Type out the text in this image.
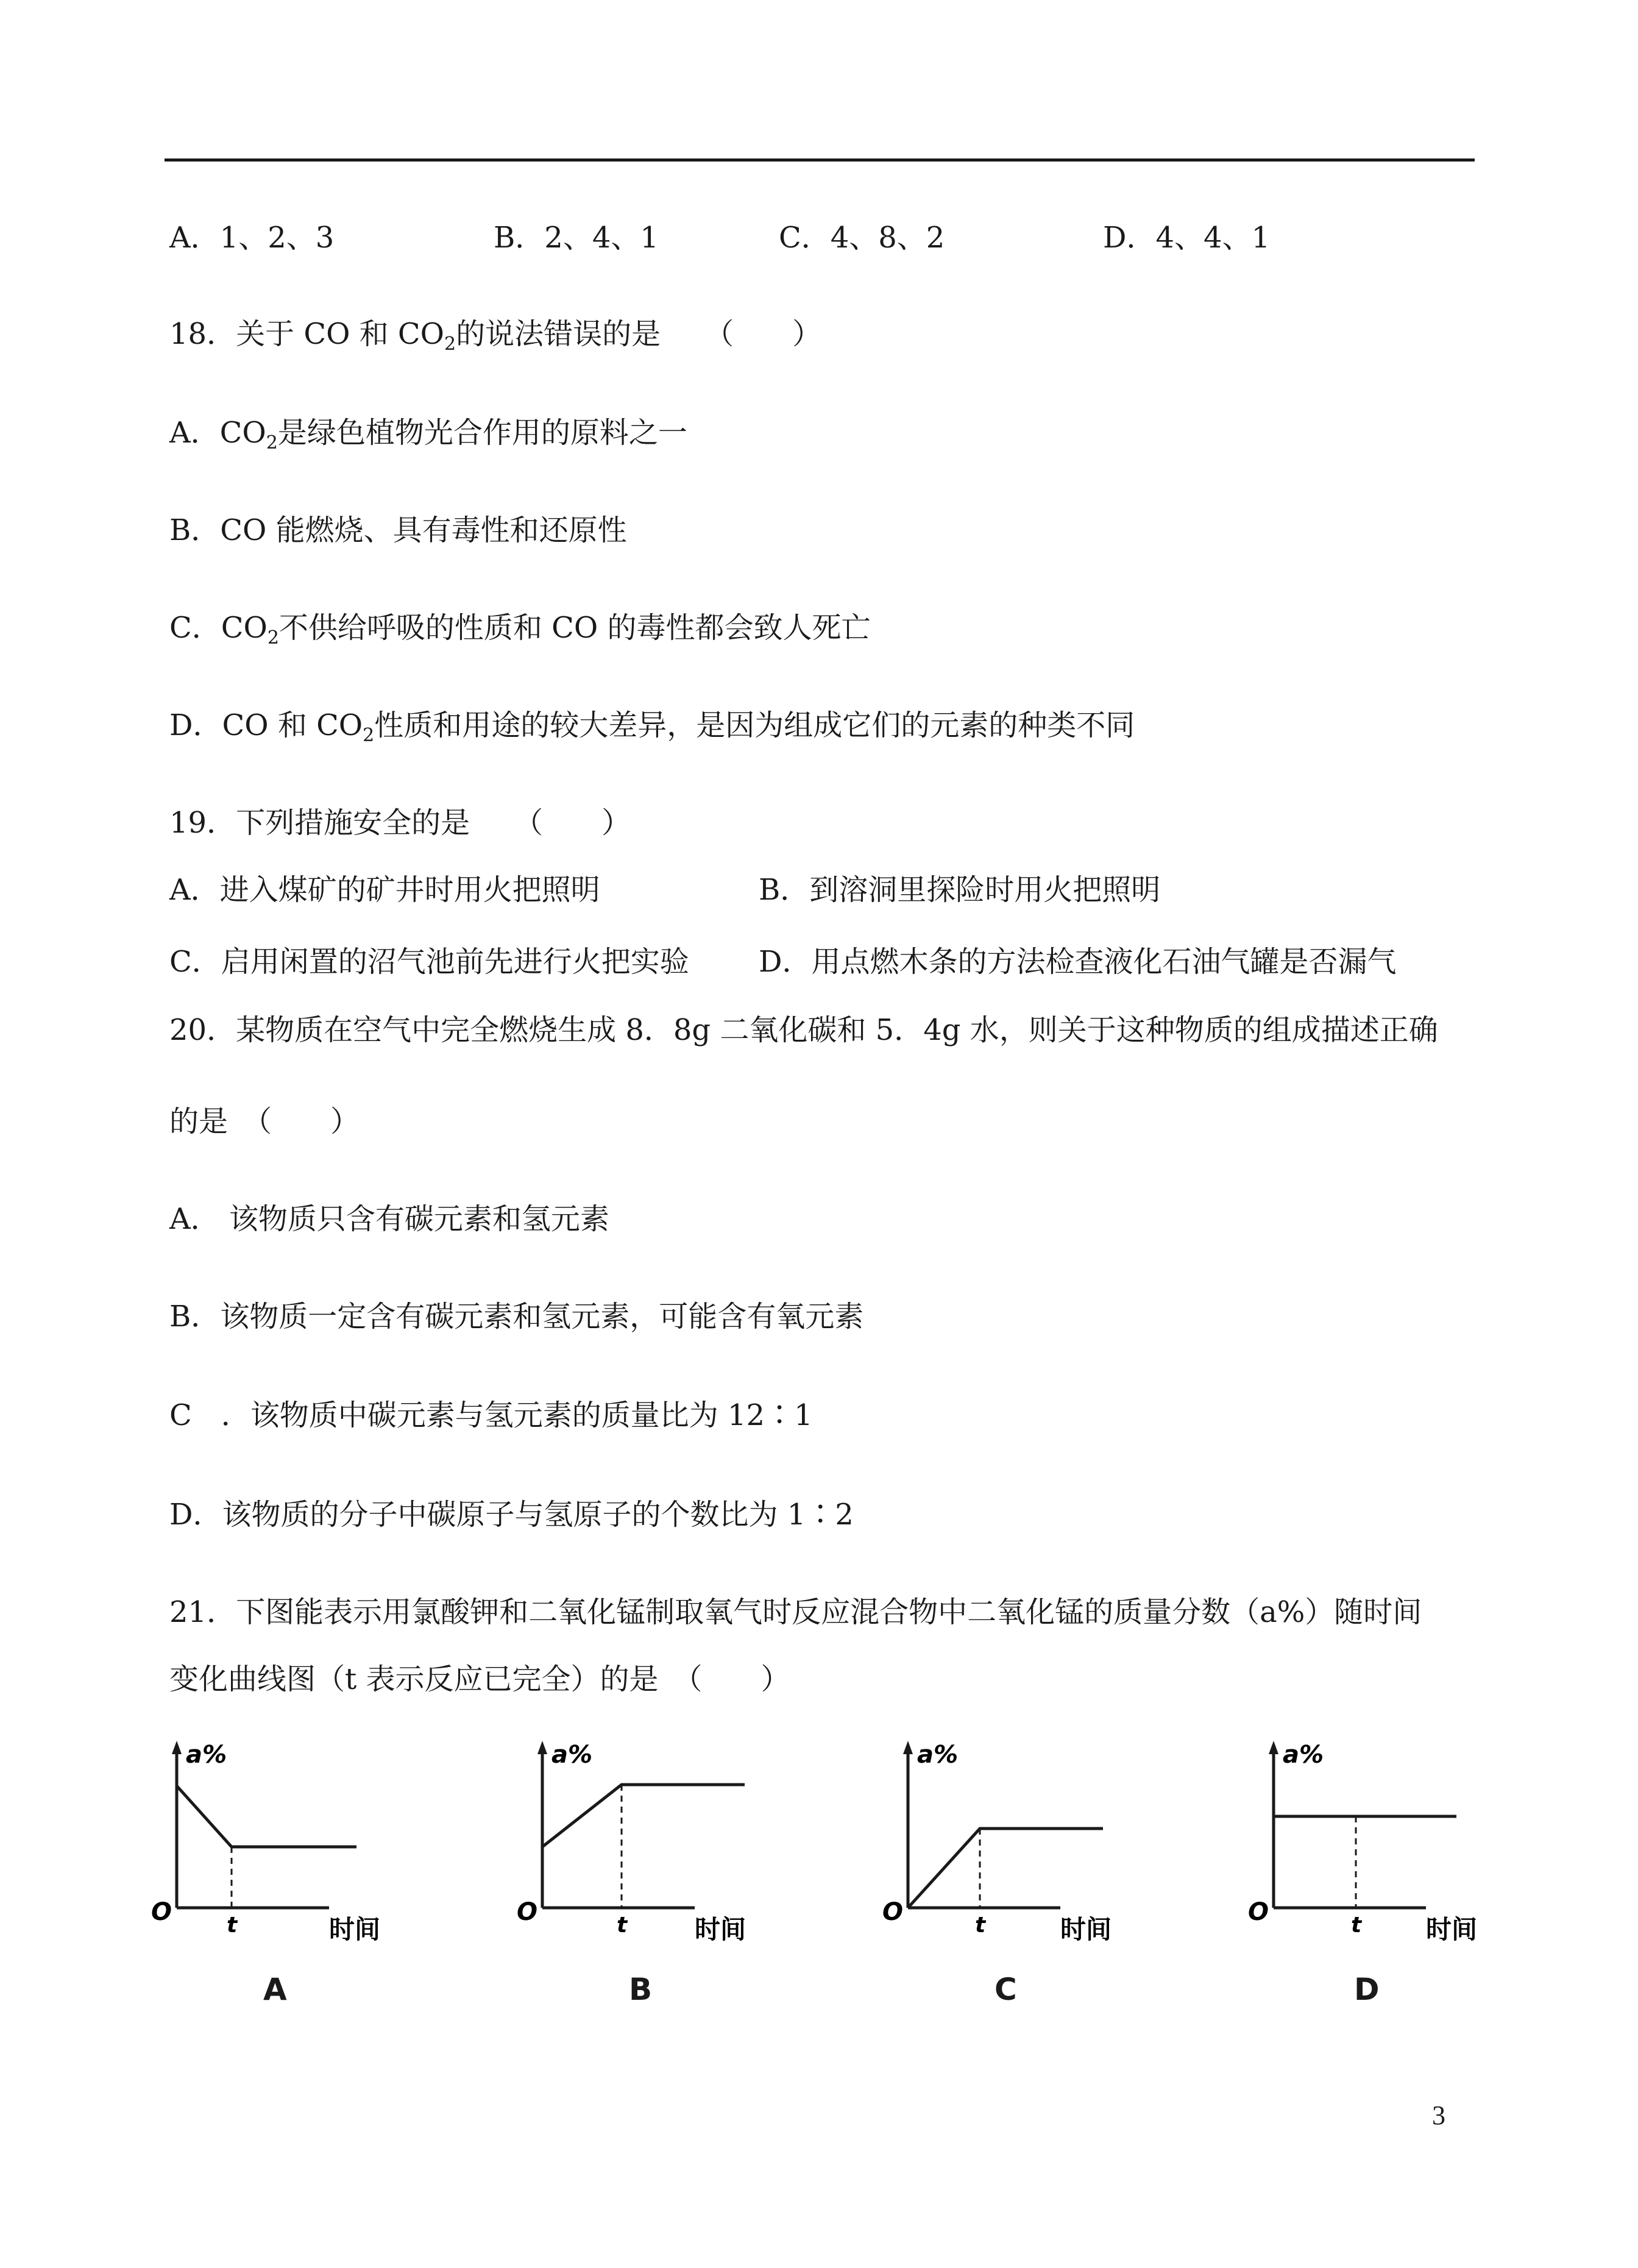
A．1、2、3	B．2、4、1	C．4、8、2	D．4、4、1
18．关于 CO 和 $CO_2$的说法错误的是　　（　　）
A．$CO_2$是绿色植物光合作用的原料之一
B．CO 能燃烧、具有毒性和还原性
C．$CO_2$不供给呼吸的性质和 CO 的毒性都会致人死亡
D．CO 和 $CO_2$性质和用途的较大差异，是因为组成它们的元素的种类不同
19．下列措施安全的是　　（　　）
A．进入煤矿的矿井时用火把照明	B．到溶洞里探险时用火把照明
C．启用闲置的沼气池前先进行火把实验 D．用点燃木条的方法检查液化石油气罐是否漏气
20．某物质在空气中完全燃烧生成 8．8g 二氧化碳和 5．4g 水，则关于这种物质的组成描述正确
的是　（　　）
A． 该物质只含有碳元素和氢元素
B．该物质一定含有碳元素和氢元素，可能含有氧元素
C　．该物质中碳元素与氢元素的质量比为 12∶1
D．该物质的分子中碳原子与氢原子的个数比为 1∶2
21．下图能表示用氯酸钾和二氧化锰制取氧气时反应混合物中二氧化锰的质量分数（a%）随时间
变化曲线图（t 表示反应已完全）的是　（　　）
a%
O t	时间
A
a%
O	t	时间
B
a%
O	t	时间
C
a%
O	t	时间
D
3
